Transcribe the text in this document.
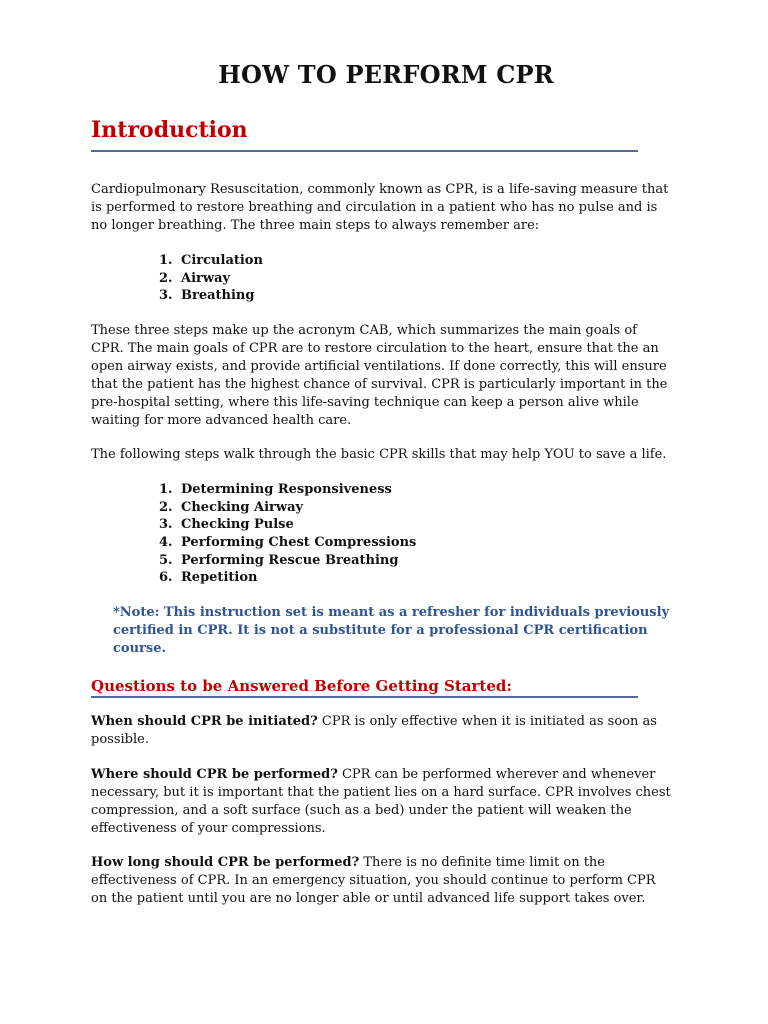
HOW TO PERFORM CPR
Introduction

Cardiopulmonary Resuscitation, commonly known as CPR, is a life-saving measure that is performed to restore breathing and circulation in a patient who has no pulse and is no longer breathing. The three main steps to always remember are:

1. Circulation
2. Airway
3. Breathing

These three steps make up the acronym CAB, which summarizes the main goals of CPR. The main goals of CPR are to restore circulation to the heart, ensure that the an open airway exists, and provide artificial ventilations. If done correctly, this will ensure that the patient has the highest chance of survival. CPR is particularly important in the pre-hospital setting, where this life-saving technique can keep a person alive while waiting for more advanced health care.

The following steps walk through the basic CPR skills that may help YOU to save a life.

1. Determining Responsiveness
2. Checking Airway
3. Checking Pulse
4. Performing Chest Compressions
5. Performing Rescue Breathing
6. Repetition

*Note: This instruction set is meant as a refresher for individuals previously certified in CPR. It is not a substitute for a professional CPR certification course.

Questions to be Answered Before Getting Started:

When should CPR be initiated? CPR is only effective when it is initiated as soon as possible.

Where should CPR be performed? CPR can be performed wherever and whenever necessary, but it is important that the patient lies on a hard surface. CPR involves chest compression, and a soft surface (such as a bed) under the patient will weaken the effectiveness of your compressions.

How long should CPR be performed? There is no definite time limit on the effectiveness of CPR. In an emergency situation, you should continue to perform CPR on the patient until you are no longer able or until advanced life support takes over.
